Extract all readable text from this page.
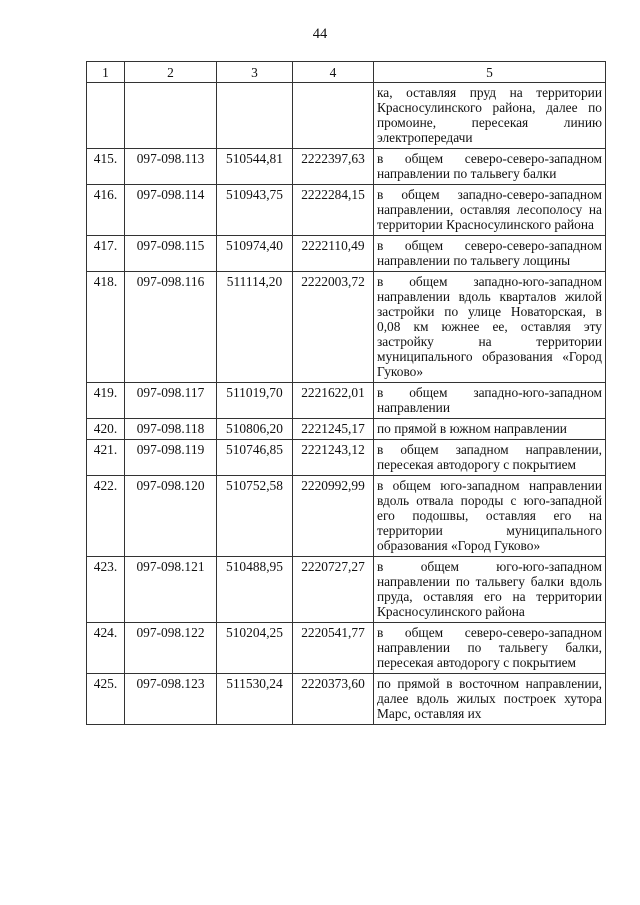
44
1	2	3	4	5
				ка, оставляя пруд на территории Красносулинского района, далее по промоине, пересекая линию электропередачи
415.	097-098.113	510544,81	2222397,63	в общем северо-северо-западном направлении по тальвегу балки
416.	097-098.114	510943,75	2222284,15	в общем западно-северо-западном направлении, оставляя лесополосу на территории Красносулинского района
417.	097-098.115	510974,40	2222110,49	в общем северо-северо-западном направлении по тальвегу лощины
418.	097-098.116	511114,20	2222003,72	в общем западно-юго-западном направлении вдоль кварталов жилой застройки по улице Новаторская, в 0,08 км южнее ее, оставляя эту застройку на территории муниципального образования «Город Гуково»
419.	097-098.117	511019,70	2221622,01	в общем западно-юго-западном направлении
420.	097-098.118	510806,20	2221245,17	по прямой в южном направлении
421.	097-098.119	510746,85	2221243,12	в общем западном направлении, пересекая автодорогу с покрытием
422.	097-098.120	510752,58	2220992,99	в общем юго-западном направлении вдоль отвала породы с юго-западной его подошвы, оставляя его на территории муниципального образования «Город Гуково»
423.	097-098.121	510488,95	2220727,27	в общем юго-юго-западном направлении по тальвегу балки вдоль пруда, оставляя его на территории Красносулинского района
424.	097-098.122	510204,25	2220541,77	в общем северо-северо-западном направлении по тальвегу балки, пересекая автодорогу с покрытием
425.	097-098.123	511530,24	2220373,60	по прямой в восточном направлении, далее вдоль жилых построек хутора Марс, оставляя их
